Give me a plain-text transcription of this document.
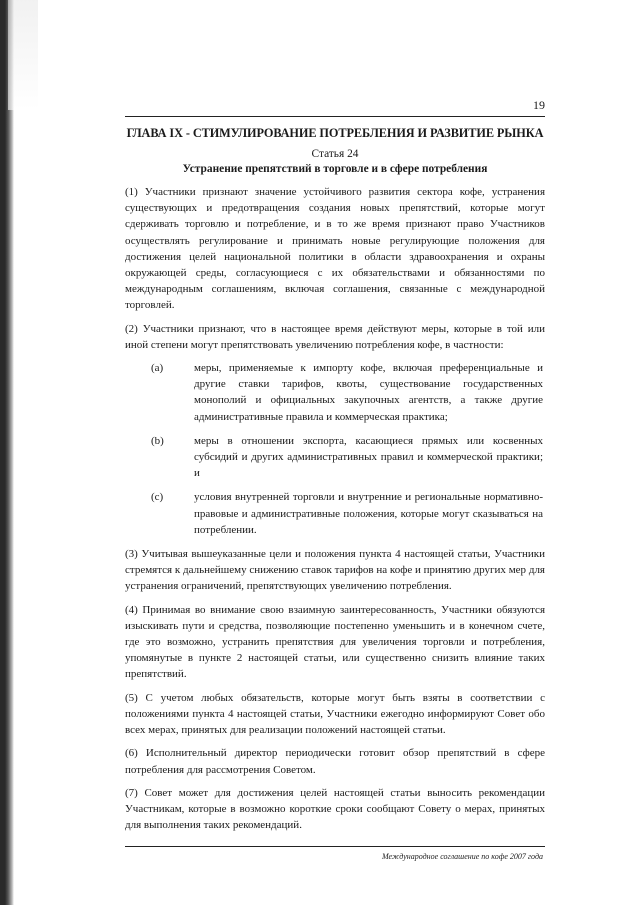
19
ГЛАВА IX - СТИМУЛИРОВАНИЕ ПОТРЕБЛЕНИЯ И РАЗВИТИЕ РЫНКА
Статья 24
Устранение препятствий в торговле и в сфере потребления

(1) Участники признают значение устойчивого развития сектора кофе, устранения существующих и предотвращения создания новых препятствий, которые могут сдерживать торговлю и потребление, и в то же время признают право Участников осуществлять регулирование и принимать новые регулирующие положения для достижения целей национальной политики в области здравоохранения и охраны окружающей среды, согласующиеся с их обязательствами и обязанностями по международным соглашениям, включая соглашения, связанные с международной торговлей.

(2) Участники признают, что в настоящее время действуют меры, которые в той или иной степени могут препятствовать увеличению потребления кофе, в частности:

(a)	меры, применяемые к импорту кофе, включая преференциальные и другие ставки тарифов, квоты, существование государственных монополий и официальных закупочных агентств, а также другие административные правила и коммерческая практика;
(b)	меры в отношении экспорта, касающиеся прямых или косвенных субсидий и других административных правил и коммерческой практики; и
(c)	условия внутренней торговли и внутренние и региональные нормативно-правовые и административные положения, которые могут сказываться на потреблении.

(3) Учитывая вышеуказанные цели и положения пункта 4 настоящей статьи, Участники стремятся к дальнейшему снижению ставок тарифов на кофе и принятию других мер для устранения ограничений, препятствующих увеличению потребления.

(4) Принимая во внимание свою взаимную заинтересованность, Участники обязуются изыскивать пути и средства, позволяющие постепенно уменьшить и в конечном счете, где это возможно, устранить препятствия для увеличения торговли и потребления, упомянутые в пункте 2 настоящей статьи, или существенно снизить влияние таких препятствий.

(5) С учетом любых обязательств, которые могут быть взяты в соответствии с положениями пункта 4 настоящей статьи, Участники ежегодно информируют Совет обо всех мерах, принятых для реализации положений настоящей статьи.

(6) Исполнительный директор периодически готовит обзор препятствий в сфере потребления для рассмотрения Советом.

(7) Совет может для достижения целей настоящей статьи выносить рекомендации Участникам, которые в возможно короткие сроки сообщают Совету о мерах, принятых для выполнения таких рекомендаций.

Международное соглашение по кофе 2007 года
